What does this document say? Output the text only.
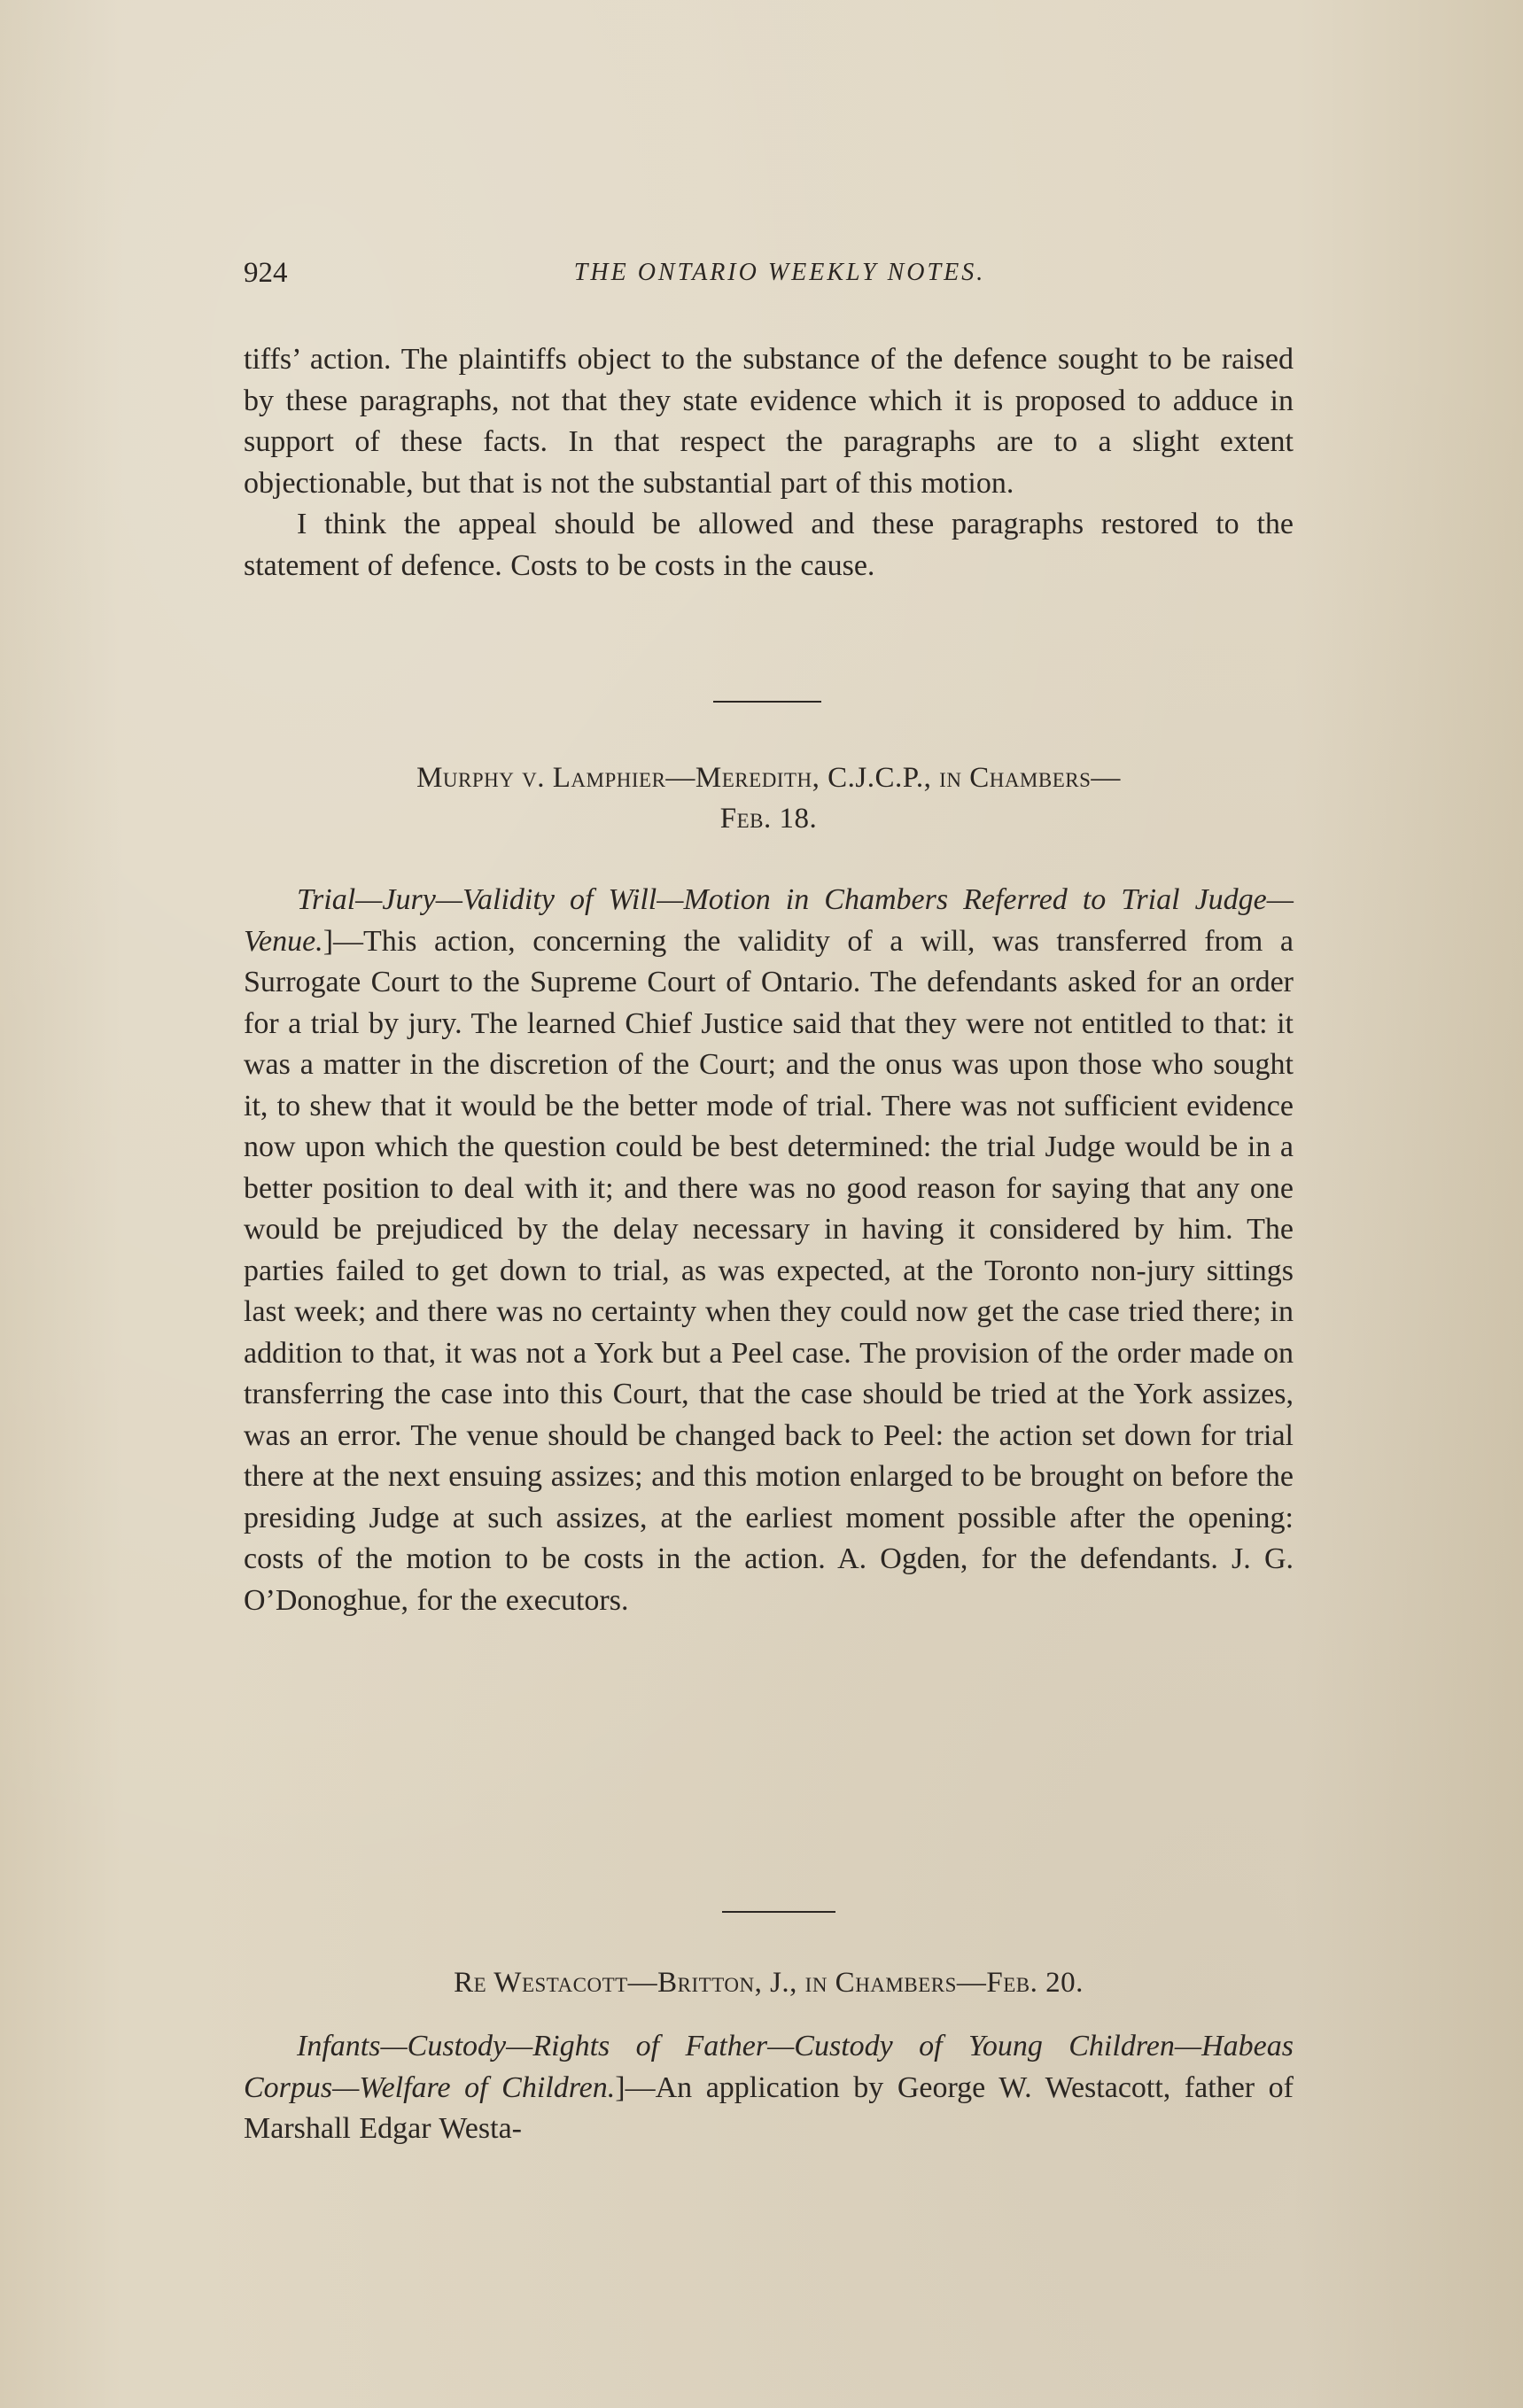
924	THE ONTARIO WEEKLY NOTES.

tiffs’ action. The plaintiffs object to the substance of the defence sought to be raised by these paragraphs, not that they state evidence which it is proposed to adduce in support of these facts. In that respect the paragraphs are to a slight extent objectionable, but that is not the substantial part of this motion.

I think the appeal should be allowed and these paragraphs restored to the statement of defence. Costs to be costs in the cause.

Murphy v. Lamphier—Meredith, C.J.C.P., in Chambers—
Feb. 18.

Trial—Jury—Validity of Will—Motion in Chambers Referred to Trial Judge—Venue.]—This action, concerning the validity of a will, was transferred from a Surrogate Court to the Supreme Court of Ontario. The defendants asked for an order for a trial by jury. The learned Chief Justice said that they were not entitled to that: it was a matter in the discretion of the Court; and the onus was upon those who sought it, to shew that it would be the better mode of trial. There was not sufficient evidence now upon which the question could be best determined: the trial Judge would be in a better position to deal with it; and there was no good reason for saying that any one would be prejudiced by the delay necessary in having it considered by him. The parties failed to get down to trial, as was expected, at the Toronto non-jury sittings last week; and there was no certainty when they could now get the case tried there; in addition to that, it was not a York but a Peel case. The provision of the order made on transferring the case into this Court, that the case should be tried at the York assizes, was an error. The venue should be changed back to Peel: the action set down for trial there at the next ensuing assizes; and this motion enlarged to be brought on before the presiding Judge at such assizes, at the earliest moment possible after the opening: costs of the motion to be costs in the action. A. Ogden, for the defendants. J. G. O’Donoghue, for the executors.

Re Westacott—Britton, J., in Chambers—Feb. 20.

Infants—Custody—Rights of Father—Custody of Young Children—Habeas Corpus—Welfare of Children.]—An application by George W. Westacott, father of Marshall Edgar Westa-
